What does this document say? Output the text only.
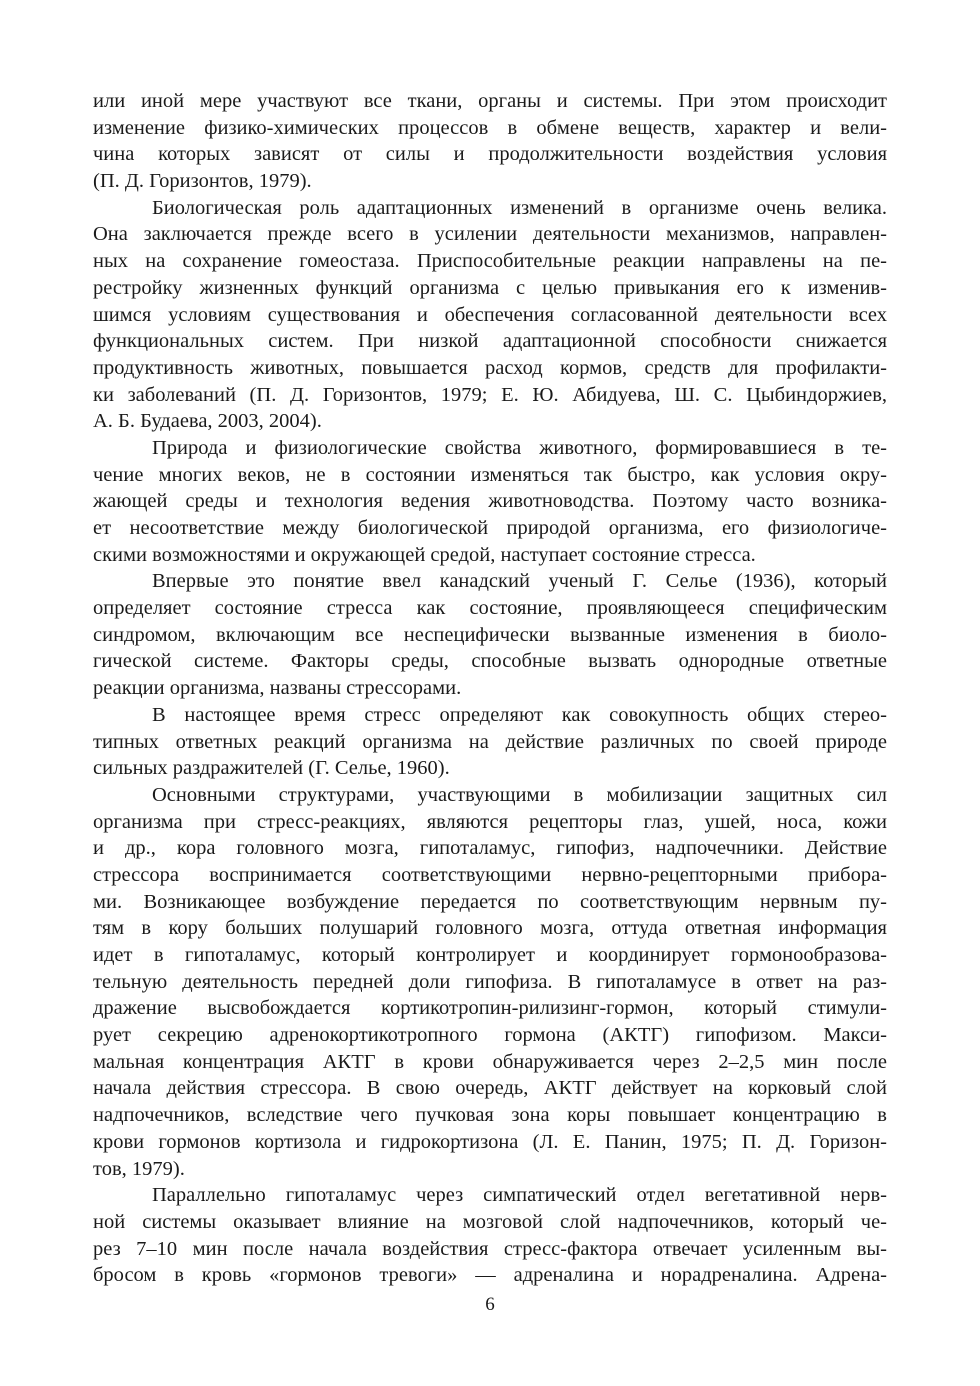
или иной мере участвуют все ткани, органы и системы. При этом происходит
изменение физико-химических процессов в обмене веществ, характер и вели-
чина которых зависят от силы и продолжительности воздействия условия
(П. Д. Горизонтов, 1979).
Биологическая роль адаптационных изменений в организме очень велика.
Она заключается прежде всего в усилении деятельности механизмов, направлен-
ных на сохранение гомеостаза. Приспособительные реакции направлены на пе-
рестройку жизненных функций организма с целью привыкания его к изменив-
шимся условиям существования и обеспечения согласованной деятельности всех
функциональных систем. При низкой адаптационной способности снижается
продуктивность животных, повышается расход кормов, средств для профилакти-
ки заболеваний (П. Д. Горизонтов, 1979; Е. Ю. Абидуева, Ш. С. Цыбиндоржиев,
А. Б. Будаева, 2003, 2004).
Природа и физиологические свойства животного, формировавшиеся в те-
чение многих веков, не в состоянии изменяться так быстро, как условия окру-
жающей среды и технология ведения животноводства. Поэтому часто возника-
ет несоответствие между биологической природой организма, его физиологиче-
скими возможностями и окружающей средой, наступает состояние стресса.
Впервые это понятие ввел канадский ученый Г. Селье (1936), который
определяет состояние стресса как состояние, проявляющееся специфическим
синдромом, включающим все неспецифически вызванные изменения в биоло-
гической системе. Факторы среды, способные вызвать однородные ответные
реакции организма, названы стрессорами.
В настоящее время стресс определяют как совокупность общих стерео-
типных ответных реакций организма на действие различных по своей природе
сильных раздражителей (Г. Селье, 1960).
Основными структурами, участвующими в мобилизации защитных сил
организма при стресс-реакциях, являются рецепторы глаз, ушей, носа, кожи
и др., кора головного мозга, гипоталамус, гипофиз, надпочечники. Действие
стрессора воспринимается соответствующими нервно-рецепторными прибора-
ми. Возникающее возбуждение передается по соответствующим нервным пу-
тям в кору больших полушарий головного мозга, оттуда ответная информация
идет в гипоталамус, который контролирует и координирует гормонообразова-
тельную деятельность передней доли гипофиза. В гипоталамусе в ответ на раз-
дражение высвобождается кортикотропин-рилизинг-гормон, который стимули-
рует секрецию адренокортикотропного гормона (АКТГ) гипофизом. Макси-
мальная концентрация АКТГ в крови обнаруживается через 2–2,5 мин после
начала действия стрессора. В свою очередь, АКТГ действует на корковый слой
надпочечников, вследствие чего пучковая зона коры повышает концентрацию в
крови гормонов кортизола и гидрокортизона (Л. Е. Панин, 1975; П. Д. Горизон-
тов, 1979).
Параллельно гипоталамус через симпатический отдел вегетативной нерв-
ной системы оказывает влияние на мозговой слой надпочечников, который че-
рез 7–10 мин после начала воздействия стресс-фактора отвечает усиленным вы-
бросом в кровь «гормонов тревоги» — адреналина и норадреналина. Адрена-
6
